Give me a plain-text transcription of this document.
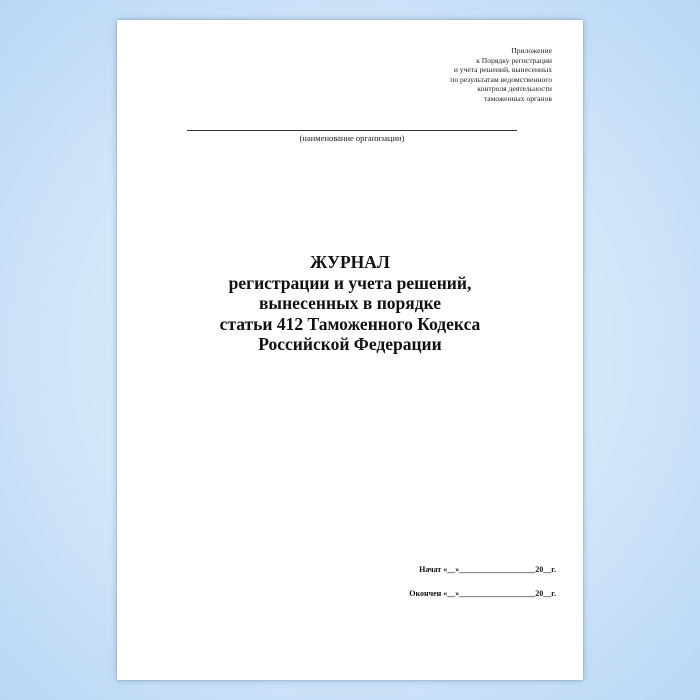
Приложение
к Порядку регистрации
и учета решений, вынесенных
по результатам ведомственного
контроля деятельности
таможенных органов
(наименование организации)
ЖУРНАЛ
регистрации и учета решений,
вынесенных в порядке
статьи 412 Таможенного Кодекса
Российской Федерации
Начат «__»___________________20__г.
Окончен «__»___________________20__г.
